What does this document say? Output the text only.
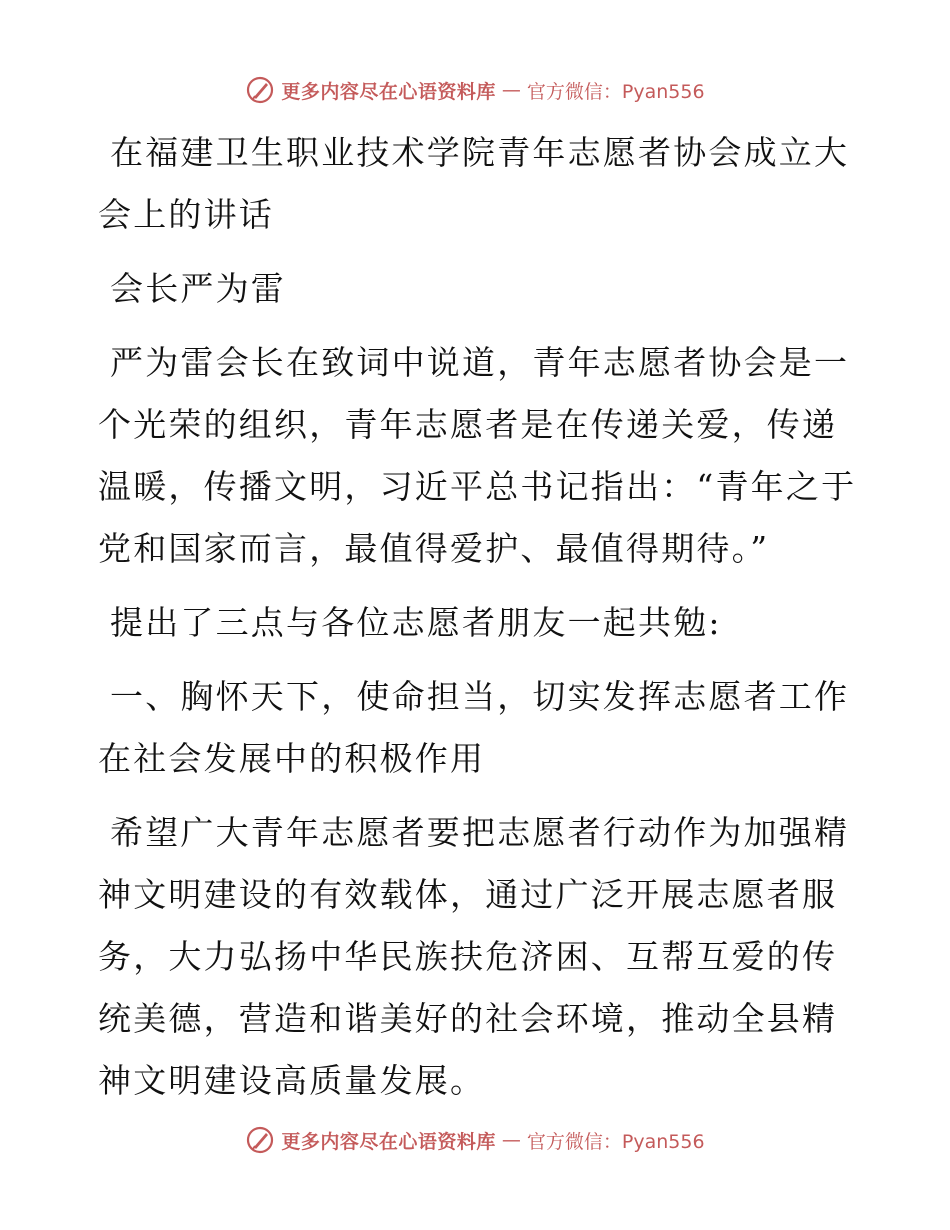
更多内容尽在心语资料库 — 官方微信：Pyan556

在福建卫生职业技术学院青年志愿者协会成立大会上的讲话

会长严为雷

严为雷会长在致词中说道，青年志愿者协会是一个光荣的组织，青年志愿者是在传递关爱，传递温暖，传播文明，习近平总书记指出：“青年之于党和国家而言，最值得爱护、最值得期待。”

提出了三点与各位志愿者朋友一起共勉:

一、胸怀天下，使命担当，切实发挥志愿者工作在社会发展中的积极作用

希望广大青年志愿者要把志愿者行动作为加强精神文明建设的有效载体，通过广泛开展志愿者服务，大力弘扬中华民族扶危济困、互帮互爱的传统美德，营造和谐美好的社会环境，推动全县精神文明建设高质量发展。

更多内容尽在心语资料库 — 官方微信：Pyan556
